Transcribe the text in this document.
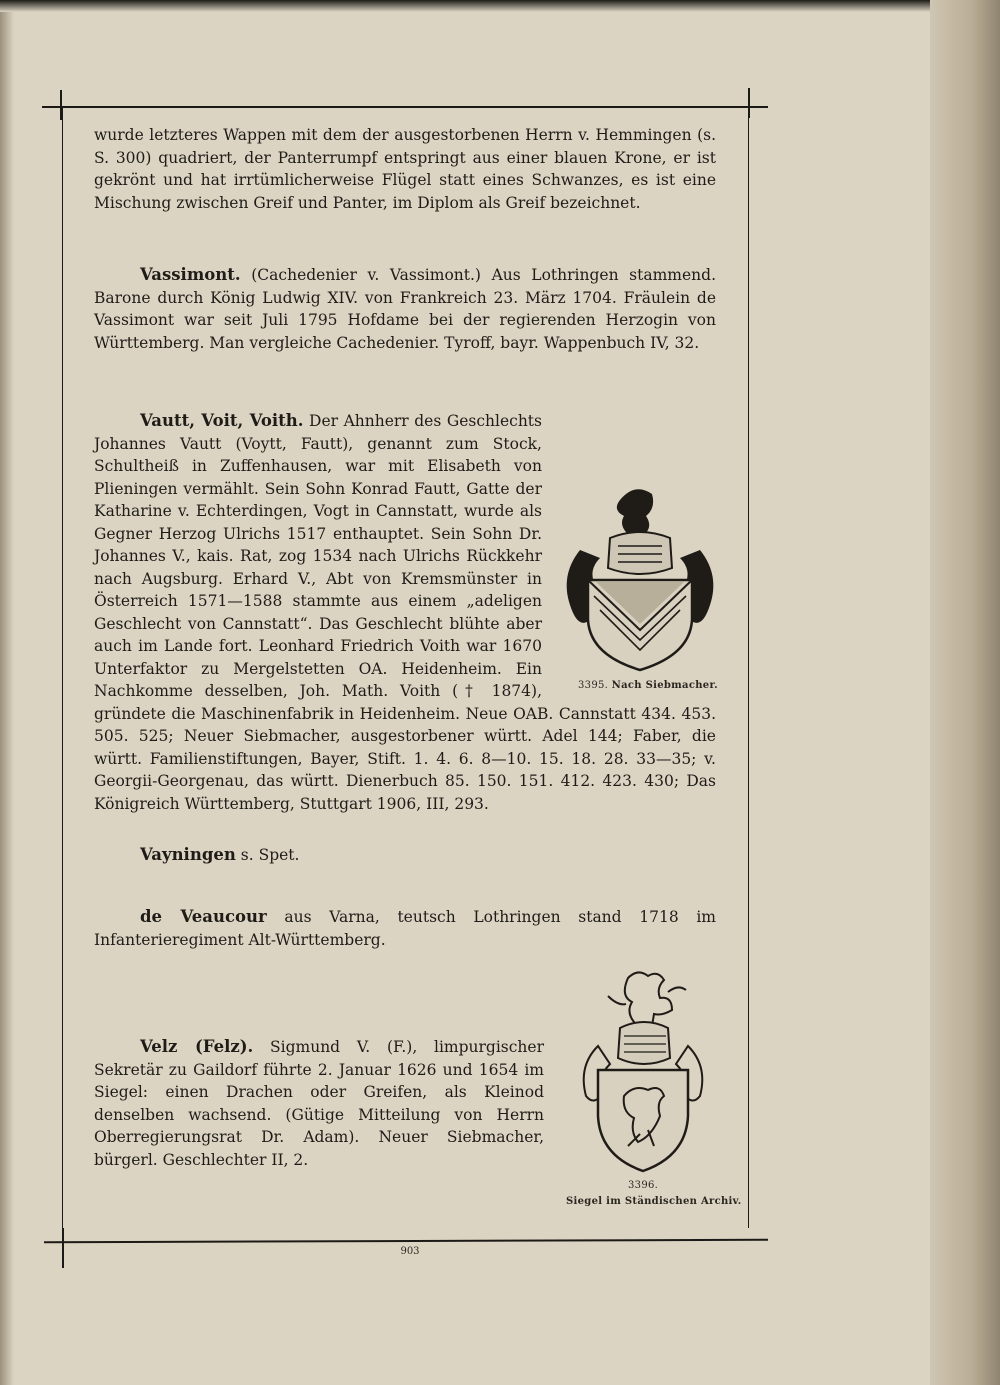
wurde letzteres Wappen mit dem der ausgestorbenen Herrn v. Hemmingen (s. S. 300) quadriert, der Panterrumpf entspringt aus einer blauen Krone, er ist gekrönt und hat irrtümlicherweise Flügel statt eines Schwanzes, es ist eine Mischung zwischen Greif und Panter, im Diplom als Greif bezeichnet.
Vassimont. (Cachedenier v. Vassimont.) Aus Lothringen stammend. Barone durch König Ludwig XIV. von Frankreich 23. März 1704. Fräulein de Vassimont war seit Juli 1795 Hofdame bei der regierenden Herzogin von Württemberg. Man vergleiche Cachedenier. Tyroff, bayr. Wappenbuch IV, 32.
Vautt, Voit, Voith. Der Ahnherr des Geschlechts Johannes Vautt (Voytt, Fautt), genannt zum Stock, Schultheiß in Zuffenhausen, war mit Elisabeth von Plieningen vermählt. Sein Sohn Konrad Fautt, Gatte der Katharine v. Echterdingen, Vogt in Cannstatt, wurde als Gegner Herzog Ulrichs 1517 enthauptet. Sein Sohn Dr. Johannes V., kais. Rat, zog 1534 nach Ulrichs Rückkehr nach Augsburg. Erhard V., Abt von Kremsmünster in Österreich 1571—1588 stammte aus einem „adeligen Geschlecht von Cannstatt“. Das Geschlecht blühte aber auch im Lande fort. Leonhard Friedrich Voith war 1670 Unterfaktor zu Mergelstetten OA. Heidenheim. Ein Nachkomme desselben, Joh. Math. Voith († 1874), gründete die Maschinenfabrik in Heidenheim. Neue OAB. Cannstatt 434. 453. 505. 525; Neuer Siebmacher, ausgestorbener württ. Adel 144; Faber, die württ. Familienstiftungen, Bayer, Stift. 1. 4. 6. 8—10. 15. 18. 28. 33—35; v. Georgii-Georgenau, das württ. Dienerbuch 85. 150. 151. 412. 423. 430; Das Königreich Württemberg, Stuttgart 1906, III, 293.
3395. Nach Siebmacher.
Vayningen s. Spet.
de Veaucour aus Varna, teutsch Lothringen stand 1718 im Infanterieregiment Alt-Württemberg.
Velz (Felz). Sigmund V. (F.), limpurgischer Sekretär zu Gaildorf führte 2. Januar 1626 und 1654 im Siegel: einen Drachen oder Greifen, als Kleinod denselben wachsend. (Gütige Mitteilung von Herrn Oberregierungsrat Dr. Adam). Neuer Siebmacher, bürgerl. Geschlechter II, 2.
3396.
Siegel im Ständischen Archiv.
903
